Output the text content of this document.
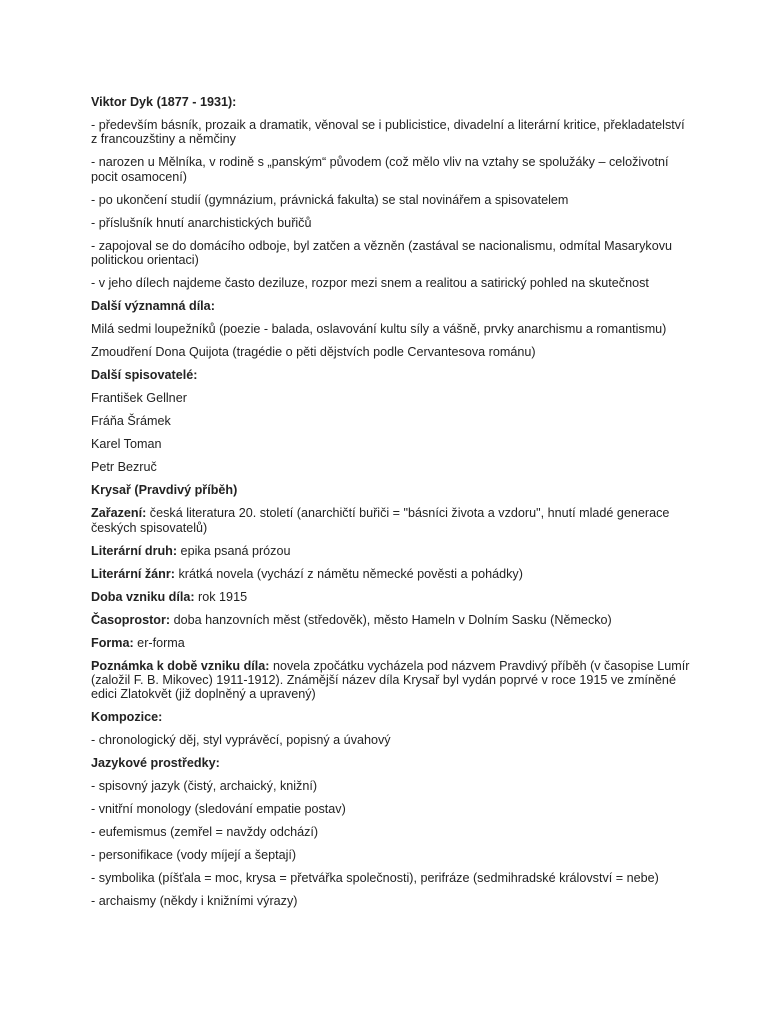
Viktor Dyk (1877 - 1931):

- především básník, prozaik a dramatik, věnoval se i publicistice, divadelní a literární kritice, překladatelství z francouzštiny a němčiny

- narozen u Mělníka, v rodině s „panským“ původem (což mělo vliv na vztahy se spolužáky – celoživotní pocit osamocení)

- po ukončení studií (gymnázium, právnická fakulta) se stal novinářem a spisovatelem

- příslušník hnutí anarchistických buřičů

- zapojoval se do domácího odboje, byl zatčen a vězněn (zastával se nacionalismu, odmítal Masarykovu politickou orientaci)

- v jeho dílech najdeme často deziluze, rozpor mezi snem a realitou a satirický pohled na skutečnost

Další významná díla:

Milá sedmi loupežníků (poezie - balada, oslavování kultu síly a vášně, prvky anarchismu a romantismu)

Zmoudření Dona Quijota (tragédie o pěti dějstvích podle Cervantesova románu)

Další spisovatelé:

František Gellner

Fráňa Šrámek

Karel Toman

Petr Bezruč

Krysař (Pravdivý příběh)

Zařazení: česká literatura 20. století (anarchičtí buřiči = "básníci života a vzdoru", hnutí mladé generace českých spisovatelů)

Literární druh: epika psaná prózou

Literární žánr: krátká novela (vychází z námětu německé pověsti a pohádky)

Doba vzniku díla: rok 1915

Časoprostor: doba hanzovních měst (středověk), město Hameln v Dolním Sasku (Německo)

Forma: er-forma

Poznámka k době vzniku díla: novela zpočátku vycházela pod názvem Pravdivý příběh (v časopise Lumír (založil F. B. Mikovec) 1911-1912). Známější název díla Krysař byl vydán poprvé v roce 1915 ve zmíněné edici Zlatokvět (již doplněný a upravený)

Kompozice:

- chronologický děj, styl vyprávěcí, popisný a úvahový

Jazykové prostředky:

- spisovný jazyk (čistý, archaický, knižní)

- vnitřní monology (sledování empatie postav)

- eufemismus (zemřel = navždy odchází)

- personifikace (vody míjejí a šeptají)

- symbolika (píšťala = moc, krysa = přetvářka společnosti), perifráze (sedmihradské království = nebe)

- archaismy (někdy i knižními výrazy)
